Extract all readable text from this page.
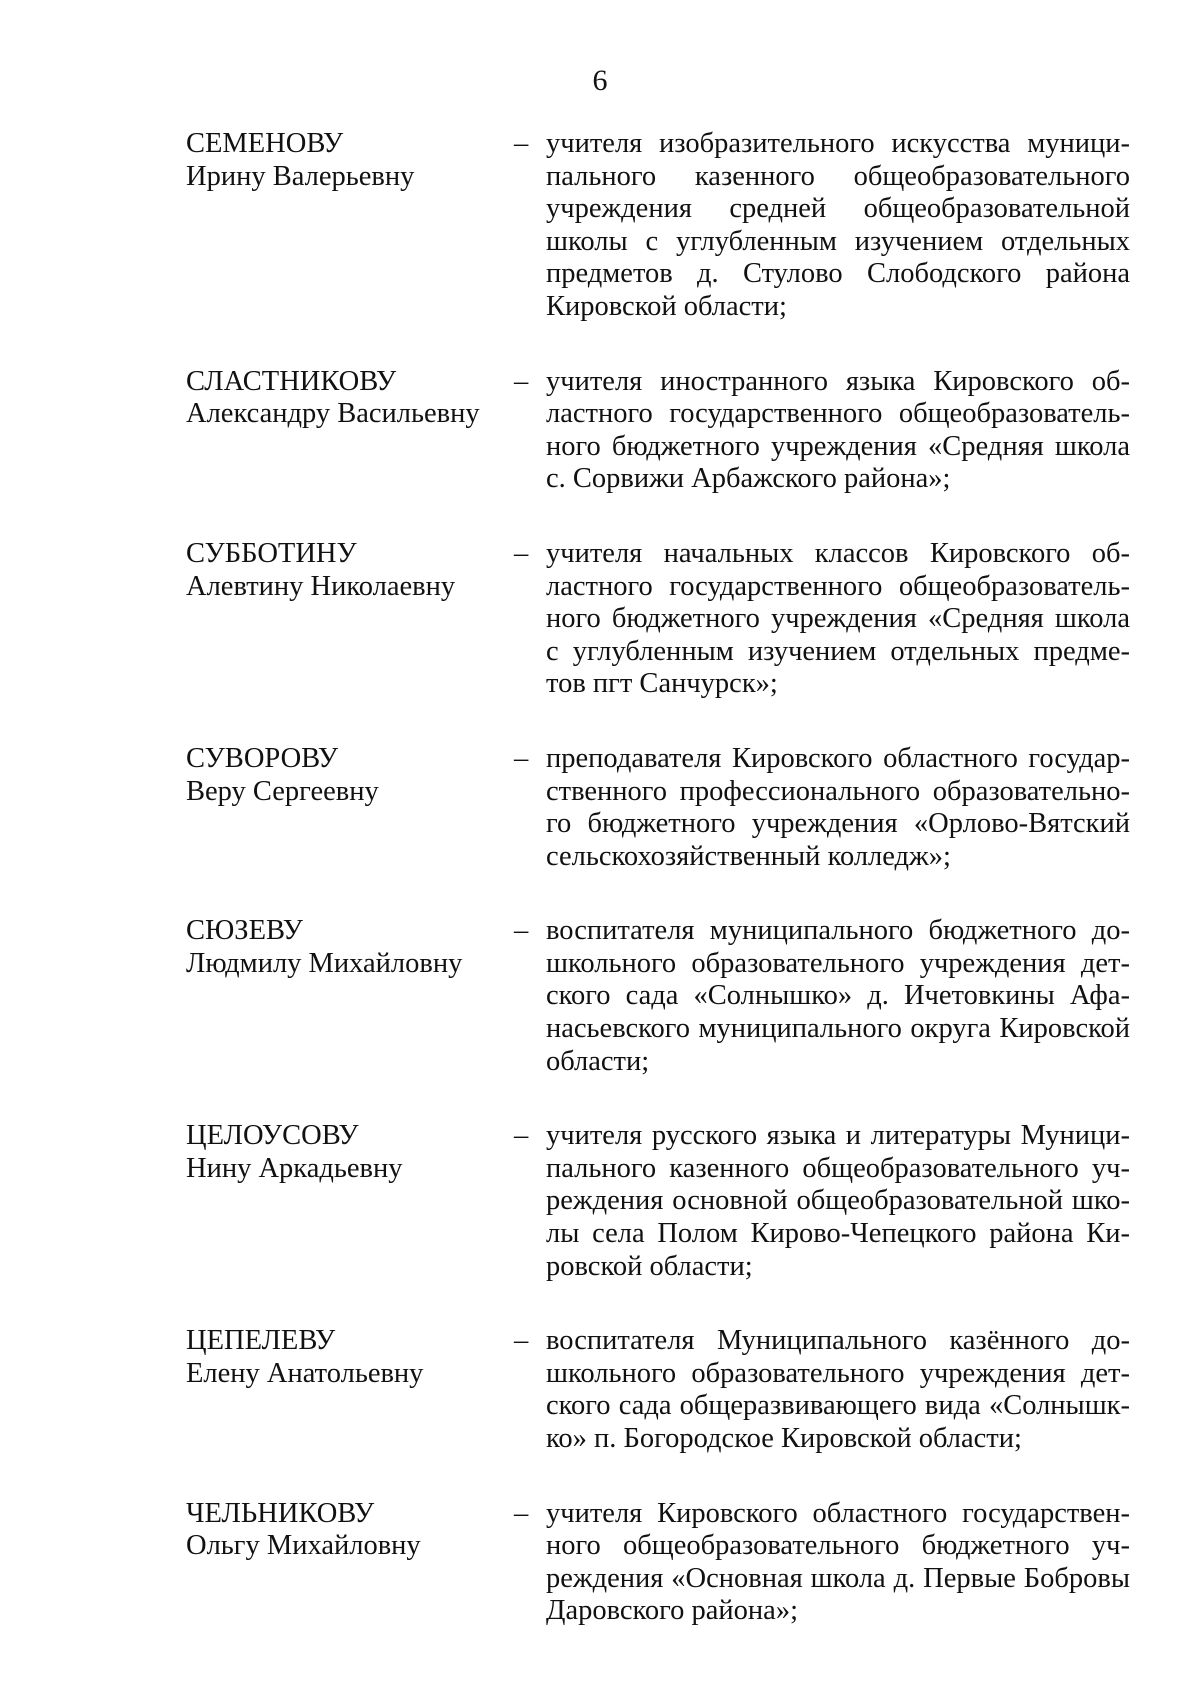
6
СЕМЕНОВУ
Ирину Валерьевну
– учителя изобразительного искусства муници-
пального казенного общеобразовательного
учреждения средней общеобразовательной
школы с углубленным изучением отдельных
предметов д. Стулово Слободского района
Кировской области;
СЛАСТНИКОВУ
Александру Васильевну
– учителя иностранного языка Кировского об-
ластного государственного общеобразователь-
ного бюджетного учреждения «Средняя школа
с. Сорвижи Арбажского района»;
СУББОТИНУ
Алевтину Николаевну
– учителя начальных классов Кировского об-
ластного государственного общеобразователь-
ного бюджетного учреждения «Средняя школа
с углубленным изучением отдельных предме-
тов пгт Санчурск»;
СУВОРОВУ
Веру Сергеевну
– преподавателя Кировского областного государ-
ственного профессионального образовательно-
го бюджетного учреждения «Орлово-Вятский
сельскохозяйственный колледж»;
СЮЗЕВУ
Людмилу Михайловну
– воспитателя муниципального бюджетного до-
школьного образовательного учреждения дет-
ского сада «Солнышко» д. Ичетовкины Афа-
насьевского муниципального округа Кировской
области;
ЦЕЛОУСОВУ
Нину Аркадьевну
– учителя русского языка и литературы Муници-
пального казенного общеобразовательного уч-
реждения основной общеобразовательной шко-
лы села Полом Кирово-Чепецкого района Ки-
ровской области;
ЦЕПЕЛЕВУ
Елену Анатольевну
– воспитателя Муниципального казённого до-
школьного образовательного учреждения дет-
ского сада общеразвивающего вида «Солнышк-
ко» п. Богородское Кировской области;
ЧЕЛЬНИКОВУ
Ольгу Михайловну
– учителя Кировского областного государствен-
ного общеобразовательного бюджетного уч-
реждения «Основная школа д. Первые Бобровы
Даровского района»;
